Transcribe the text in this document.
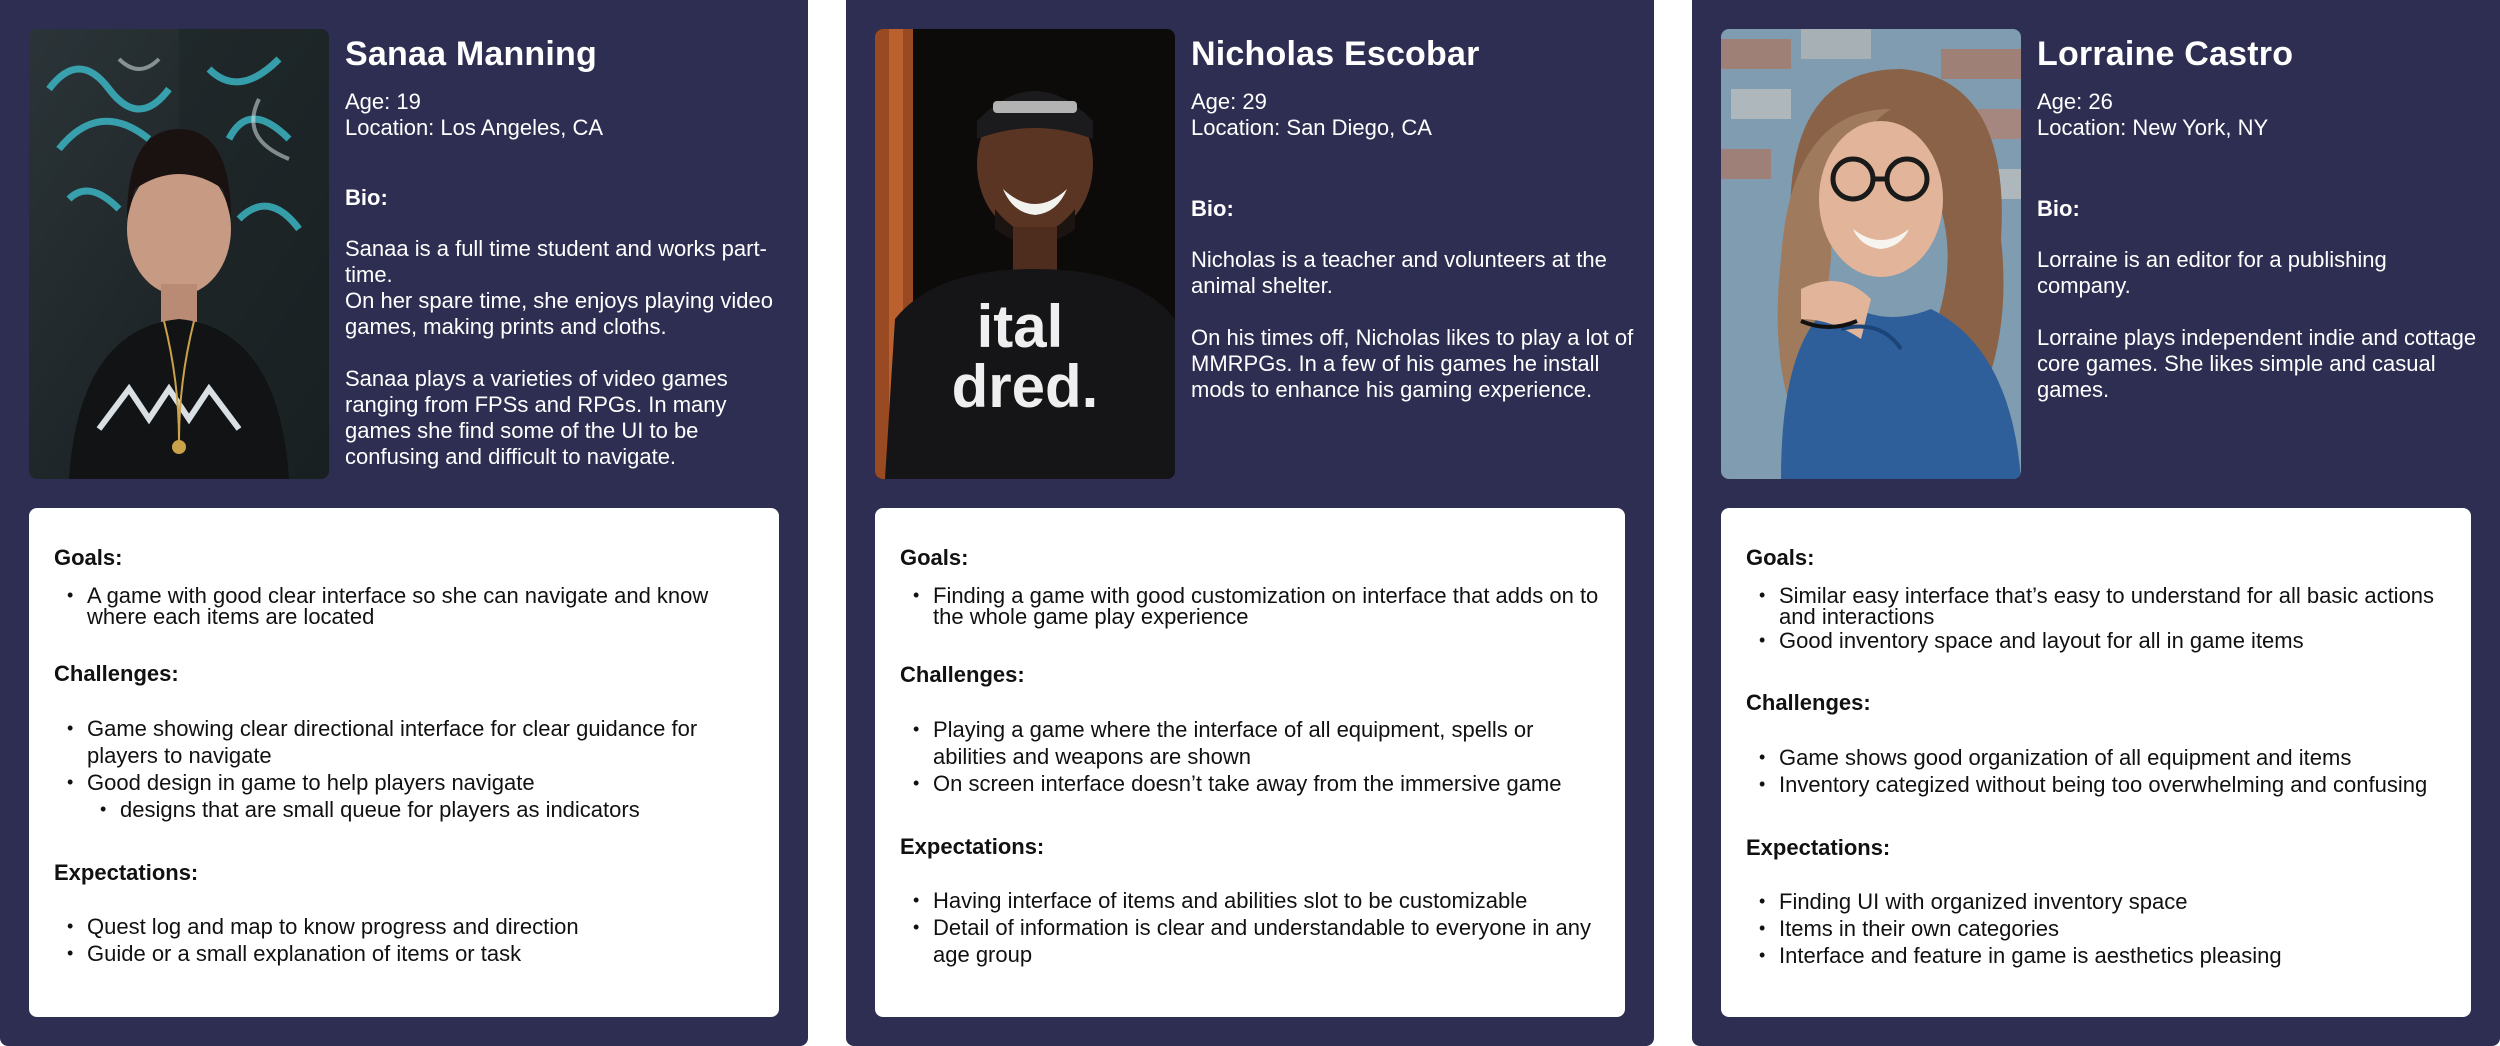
Sanaa Manning
Age: 19
Location: Los Angeles, CA
Bio:
Sanaa is a full time student and works part-time.
On her spare time, she enjoys playing video games, making prints and cloths.
Sanaa plays a varieties of video games ranging from FPSs and RPGs. In many games she find some of the UI to be confusing and difficult to navigate.
Goals:
• A game with good clear interface so she can navigate and know where each items are located
Challenges:
• Game showing clear directional interface for clear guidance for players to navigate
• Good design in game to help players navigate
• designs that are small queue for players as indicators
Expectations:
• Quest log and map to know progress and direction
• Guide or a small explanation of items or task
ital
dred.
Nicholas Escobar
Age: 29
Location: San Diego, CA
Bio:
Nicholas is a teacher and volunteers at the animal shelter.
On his times off, Nicholas likes to play a lot of MMRPGs. In a few of his games he install mods to enhance his gaming experience.
Goals:
• Finding a game with good customization on interface that adds on to the whole game play experience
Challenges:
• Playing a game where the interface of all equipment, spells or abilities and weapons are shown
• On screen interface doesn’t take away from the immersive game
Expectations:
• Having interface of items and abilities slot to be customizable
• Detail of information is clear and understandable to everyone in any age group
Lorraine Castro
Age: 26
Location: New York, NY
Bio:
Lorraine is an editor for a publishing company.
Lorraine plays independent indie and cottage core games. She likes simple and casual games.
Goals:
• Similar easy interface that’s easy to understand for all basic actions and interactions
• Good inventory space and layout for all in game items
Challenges:
• Game shows good organization of all equipment and items
• Inventory categized without being too overwhelming and confusing
Expectations:
• Finding UI with organized inventory space
• Items in their own categories
• Interface and feature in game is aesthetics pleasing
